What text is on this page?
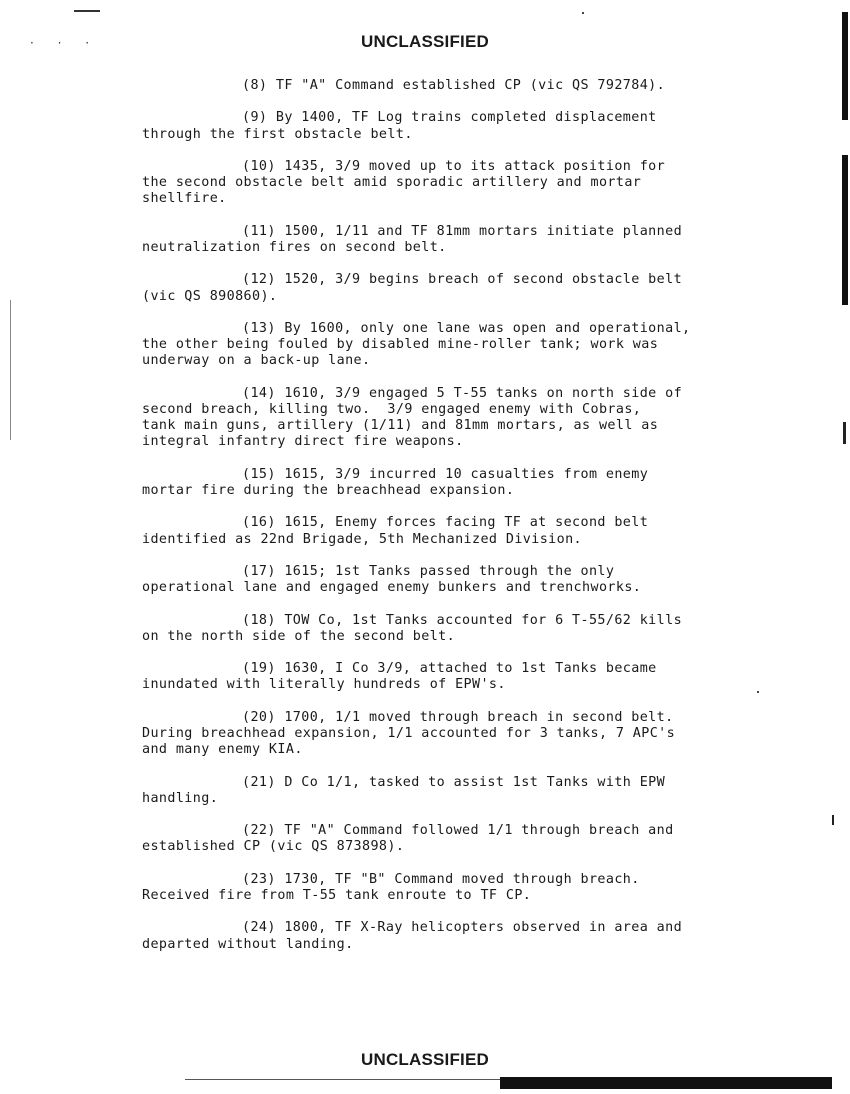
· · ·	UNCLASSIFIED
(8) TF "A" Command established CP (vic QS 792784).
(9) By 1400, TF Log trains completed displacement
through the first obstacle belt.
(10) 1435, 3/9 moved up to its attack position for
the second obstacle belt amid sporadic artillery and mortar
shellfire.
(11) 1500, 1/11 and TF 81mm mortars initiate planned
neutralization fires on second belt.
(12) 1520, 3/9 begins breach of second obstacle belt
(vic QS 890860).
(13) By 1600, only one lane was open and operational,
the other being fouled by disabled mine-roller tank; work was
underway on a back-up lane.
(14) 1610, 3/9 engaged 5 T-55 tanks on north side of
second breach, killing two.  3/9 engaged enemy with Cobras,
tank main guns, artillery (1/11) and 81mm mortars, as well as
integral infantry direct fire weapons.
(15) 1615, 3/9 incurred 10 casualties from enemy
mortar fire during the breachhead expansion.
(16) 1615, Enemy forces facing TF at second belt
identified as 22nd Brigade, 5th Mechanized Division.
(17) 1615; 1st Tanks passed through the only
operational lane and engaged enemy bunkers and trenchworks.
(18) TOW Co, 1st Tanks accounted for 6 T-55/62 kills
on the north side of the second belt.
(19) 1630, I Co 3/9, attached to 1st Tanks became
inundated with literally hundreds of EPW's.
(20) 1700, 1/1 moved through breach in second belt.
During breachhead expansion, 1/1 accounted for 3 tanks, 7 APC's
and many enemy KIA.
(21) D Co 1/1, tasked to assist 1st Tanks with EPW
handling.
(22) TF "A" Command followed 1/1 through breach and
established CP (vic QS 873898).
(23) 1730, TF "B" Command moved through breach.
Received fire from T-55 tank enroute to TF CP.
(24) 1800, TF X-Ray helicopters observed in area and
departed without landing.
UNCLASSIFIED
